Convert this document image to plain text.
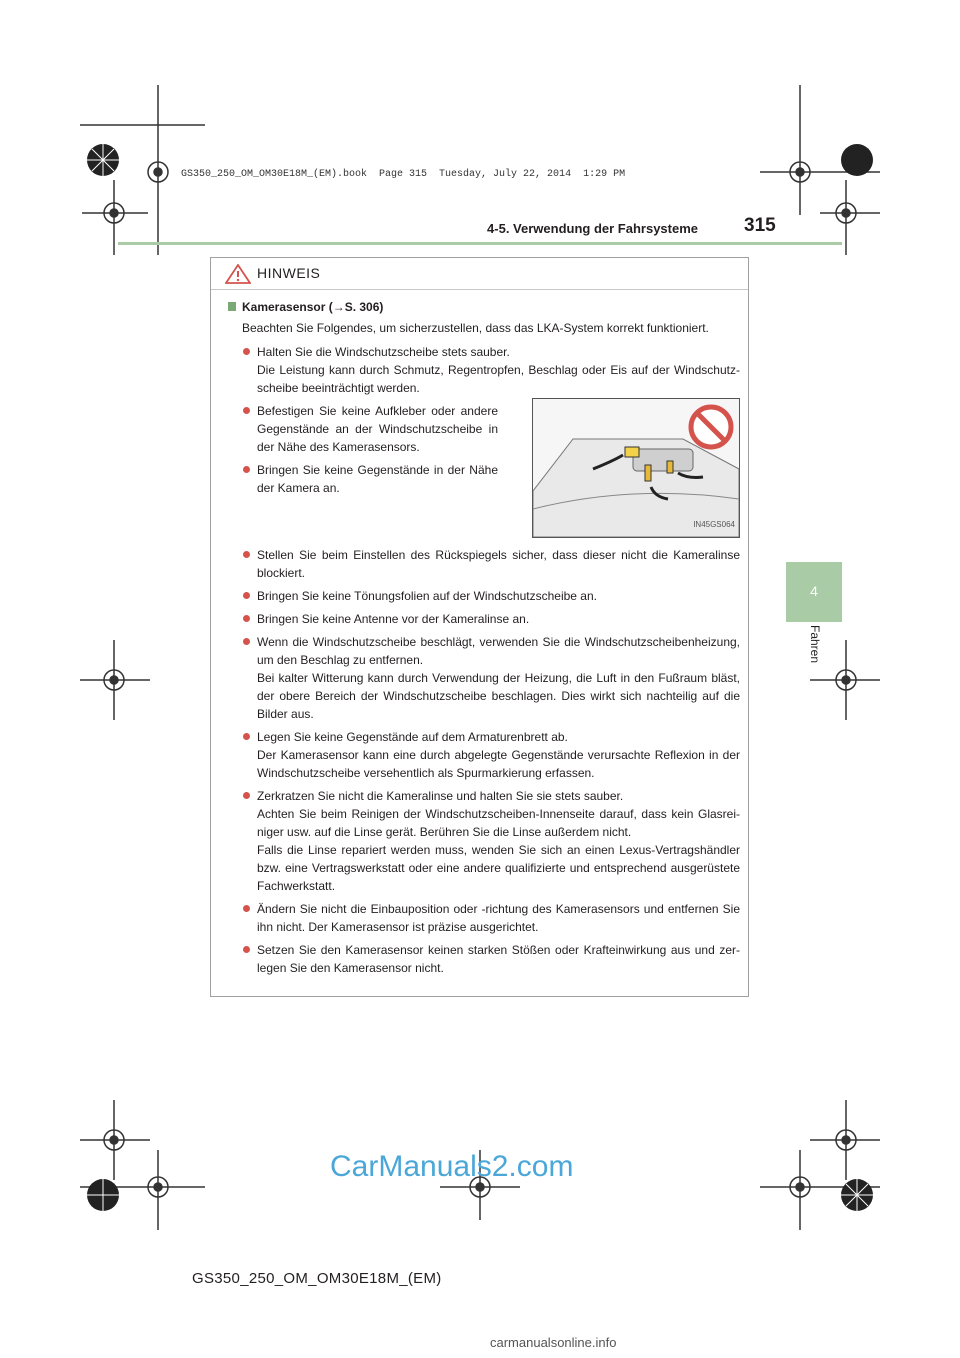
GS350_250_OM_OM30E18M_(EM).book  Page 315  Tuesday, July 22, 2014  1:29 PM
4-5. Verwendung der Fahrsysteme 315
4
Fahren
HINWEIS
Kamerasensor (→S. 306)
Beachten Sie Folgendes, um sicherzustellen, dass das LKA-System korrekt funktioniert.
Halten Sie die Windschutzscheibe stets sauber.
Die Leistung kann durch Schmutz, Regentropfen, Beschlag oder Eis auf der Windschutzscheibe beeinträchtigt werden.
Befestigen Sie keine Aufkleber oder andere Gegenstände an der Windschutzscheibe in der Nähe des Kamerasensors.
Bringen Sie keine Gegenstände in der Nähe der Kamera an.
IN45GS064
Stellen Sie beim Einstellen des Rückspiegels sicher, dass dieser nicht die Kameralinse blockiert.
Bringen Sie keine Tönungsfolien auf der Windschutzscheibe an.
Bringen Sie keine Antenne vor der Kameralinse an.
Wenn die Windschutzscheibe beschlägt, verwenden Sie die Windschutzscheibenheizung, um den Beschlag zu entfernen.
Bei kalter Witterung kann durch Verwendung der Heizung, die Luft in den Fußraum bläst, der obere Bereich der Windschutzscheibe beschlagen. Dies wirkt sich nachteilig auf die Bilder aus.
Legen Sie keine Gegenstände auf dem Armaturenbrett ab.
Der Kamerasensor kann eine durch abgelegte Gegenstände verursachte Reflexion in der Windschutzscheibe versehentlich als Spurmarkierung erfassen.
Zerkratzen Sie nicht die Kameralinse und halten Sie sie stets sauber.
Achten Sie beim Reinigen der Windschutzscheiben-Innenseite darauf, dass kein Glasreiniger usw. auf die Linse gerät. Berühren Sie die Linse außerdem nicht.
Falls die Linse repariert werden muss, wenden Sie sich an einen Lexus-Vertragshändler bzw. eine Vertragswerkstatt oder eine andere qualifizierte und entsprechend ausgerüstete Fachwerkstatt.
Ändern Sie nicht die Einbauposition oder -richtung des Kamerasensors und entfernen Sie ihn nicht. Der Kamerasensor ist präzise ausgerichtet.
Setzen Sie den Kamerasensor keinen starken Stößen oder Krafteinwirkung aus und zerlegen Sie den Kamerasensor nicht.
CarManuals2.com
GS350_250_OM_OM30E18M_(EM)
carmanualsonline.info
